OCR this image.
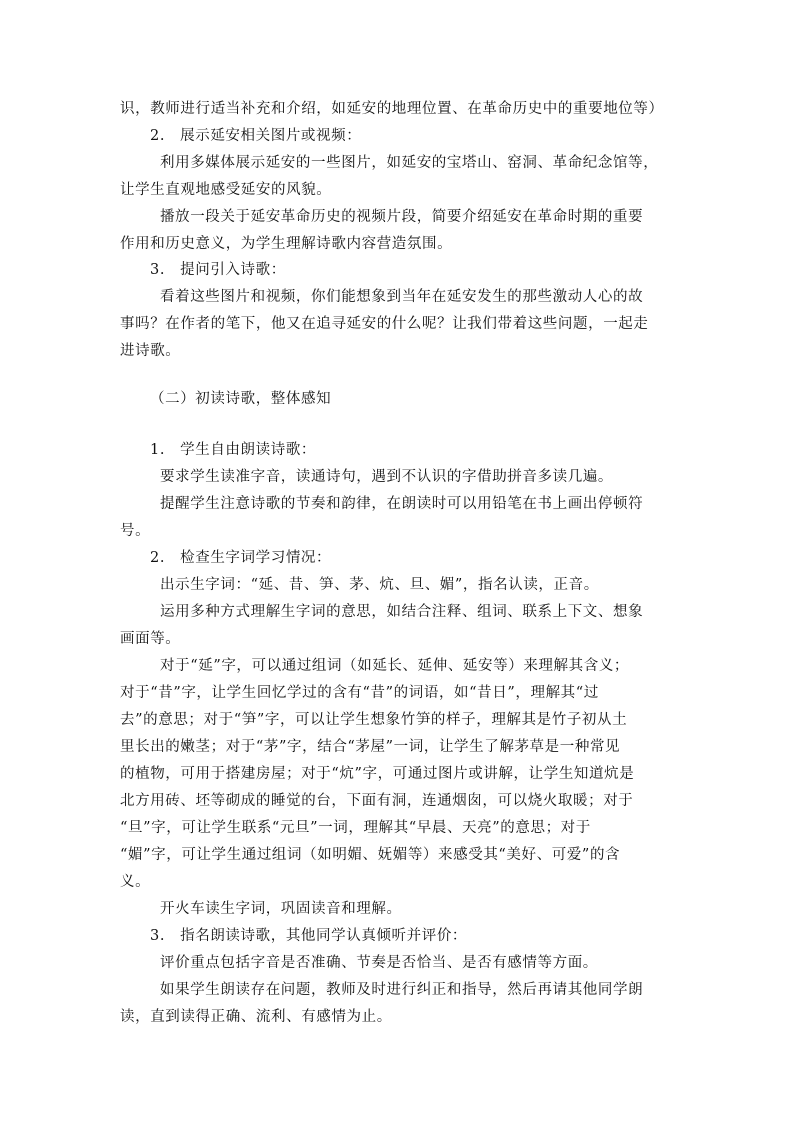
识，教师进行适当补充和介绍，如延安的地理位置、在革命历史中的重要地位等）
2.　展示延安相关图片或视频：
利用多媒体展示延安的一些图片，如延安的宝塔山、窑洞、革命纪念馆等，
让学生直观地感受延安的风貌。
播放一段关于延安革命历史的视频片段，简要介绍延安在革命时期的重要
作用和历史意义，为学生理解诗歌内容营造氛围。
3.　提问引入诗歌：
看着这些图片和视频，你们能想象到当年在延安发生的那些激动人心的故
事吗？在作者的笔下，他又在追寻延安的什么呢？让我们带着这些问题，一起走
进诗歌。
（二）初读诗歌，整体感知
1.　学生自由朗读诗歌：
要求学生读准字音，读通诗句，遇到不认识的字借助拼音多读几遍。
提醒学生注意诗歌的节奏和韵律，在朗读时可以用铅笔在书上画出停顿符
号。
2.　检查生字词学习情况：
出示生字词：“延、昔、笋、茅、炕、旦、媚”，指名认读，正音。
运用多种方式理解生字词的意思，如结合注释、组词、联系上下文、想象
画面等。
对于“延”字，可以通过组词（如延长、延伸、延安等）来理解其含义；
对于“昔”字，让学生回忆学过的含有“昔”的词语，如“昔日”，理解其“过
去”的意思；对于“笋”字，可以让学生想象竹笋的样子，理解其是竹子初从土
里长出的嫩茎；对于“茅”字，结合“茅屋”一词，让学生了解茅草是一种常见
的植物，可用于搭建房屋；对于“炕”字，可通过图片或讲解，让学生知道炕是
北方用砖、坯等砌成的睡觉的台，下面有洞，连通烟囱，可以烧火取暖；对于
“旦”字，可让学生联系“元旦”一词，理解其“早晨、天亮”的意思；对于
“媚”字，可让学生通过组词（如明媚、妩媚等）来感受其“美好、可爱”的含
义。
开火车读生字词，巩固读音和理解。
3.　指名朗读诗歌，其他同学认真倾听并评价：
评价重点包括字音是否准确、节奏是否恰当、是否有感情等方面。
如果学生朗读存在问题，教师及时进行纠正和指导，然后再请其他同学朗
读，直到读得正确、流利、有感情为止。
